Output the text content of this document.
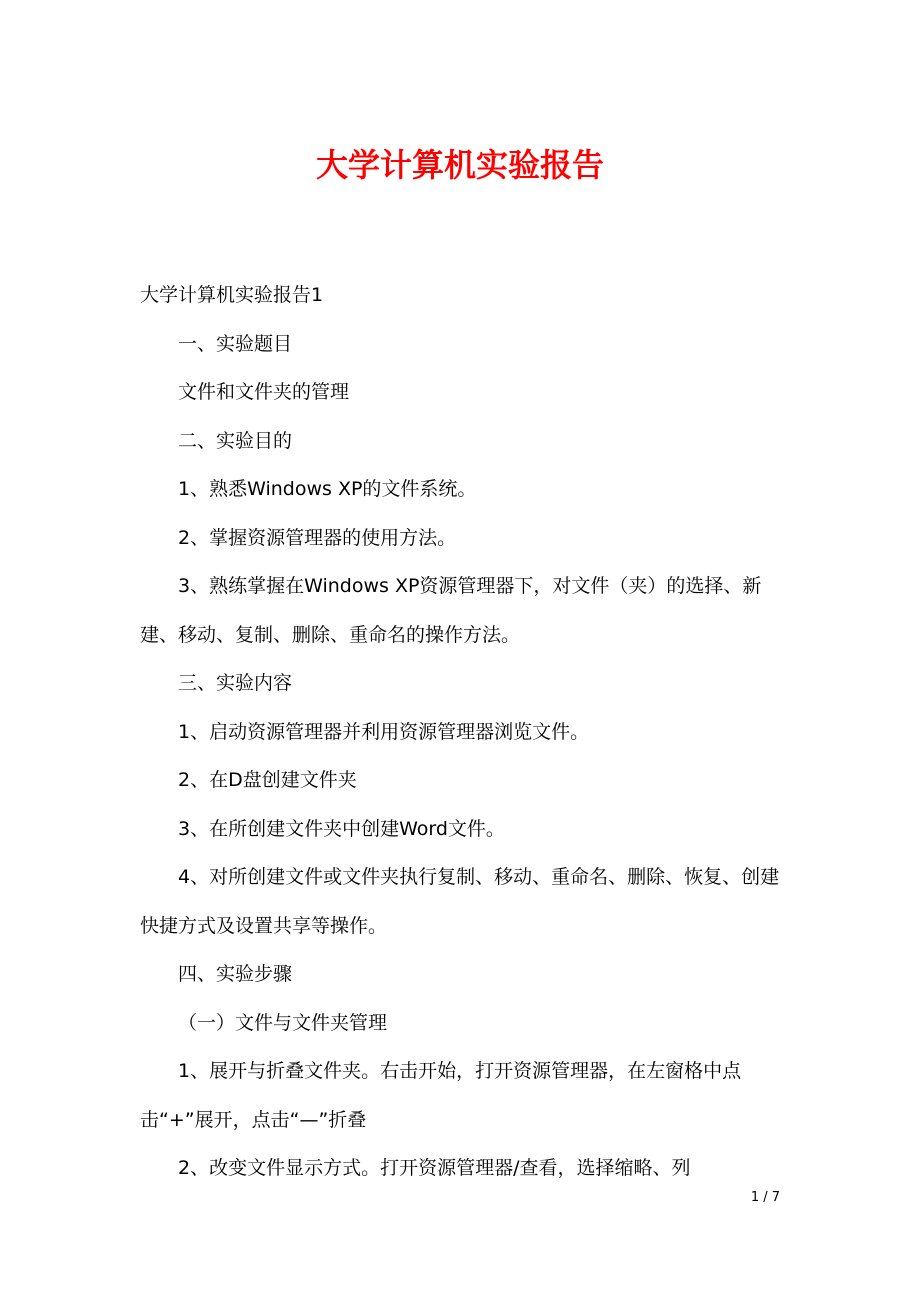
大学计算机实验报告

大学计算机实验报告1

一、实验题目

文件和文件夹的管理

二、实验目的

1、熟悉Windows XP的文件系统。

2、掌握资源管理器的使用方法。

3、熟练掌握在Windows XP资源管理器下，对文件（夹）的选择、新建、移动、复制、删除、重命名的操作方法。

三、实验内容

1、启动资源管理器并利用资源管理器浏览文件。

2、在D盘创建文件夹

3、在所创建文件夹中创建Word文件。

4、对所创建文件或文件夹执行复制、移动、重命名、删除、恢复、创建快捷方式及设置共享等操作。

四、实验步骤

（一）文件与文件夹管理

1、展开与折叠文件夹。右击开始，打开资源管理器，在左窗格中点击“+”展开，点击“—”折叠

2、改变文件显示方式。打开资源管理器/查看，选择缩略、列

1 / 7
